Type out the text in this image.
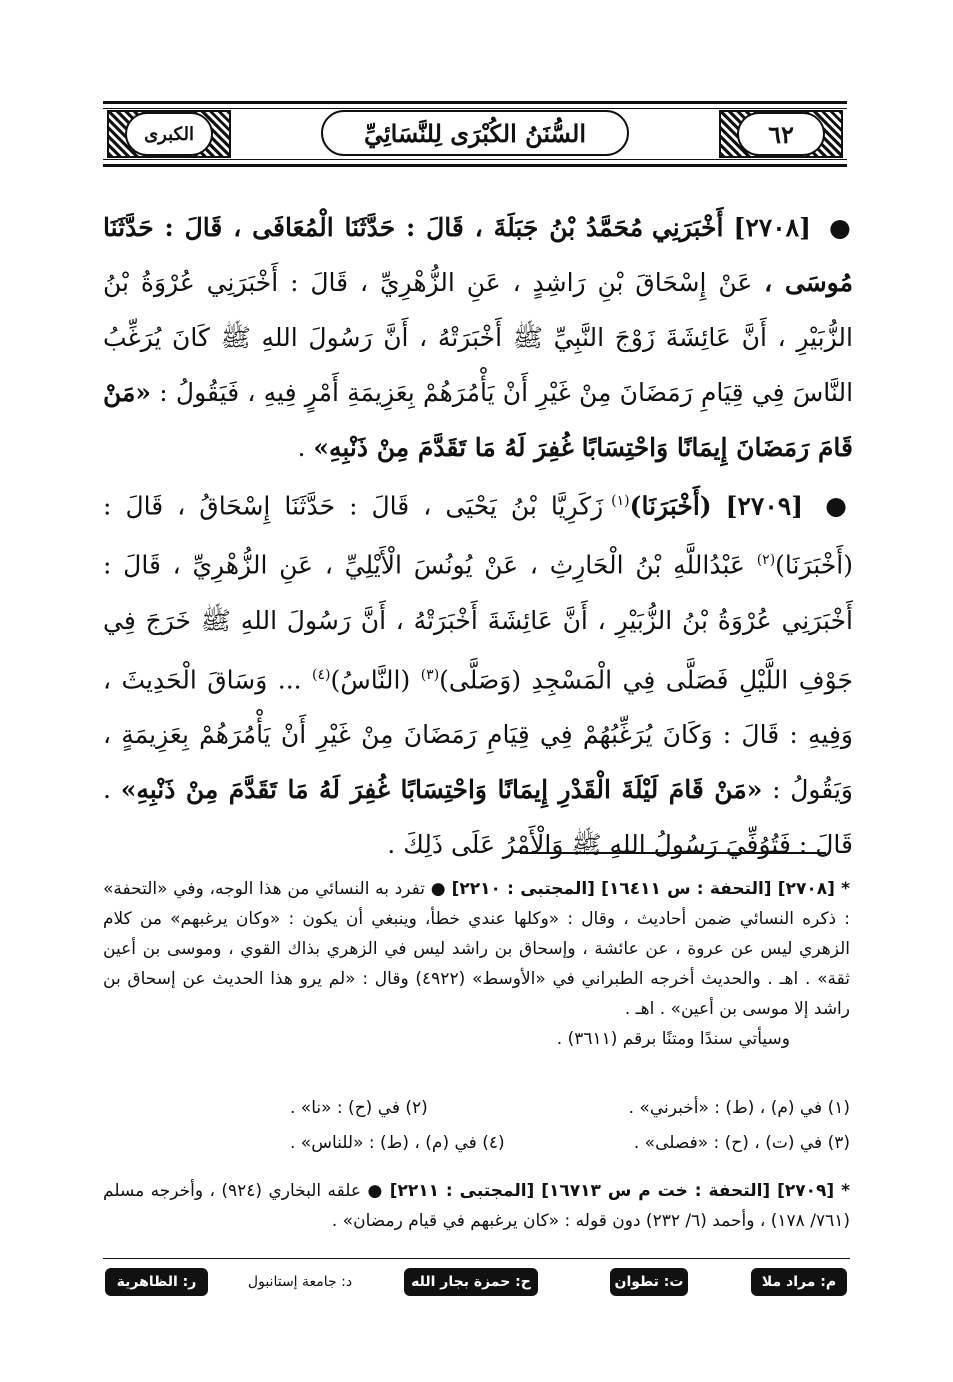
٦٢
الكبرى	السُّنَنُ الكُبْرَى لِلنَّسَائِيِّ

● [٢٧٠٨] أَخْبَرَنِي مُحَمَّدُ بْنُ جَبَلَةَ ، قَالَ : حَدَّثَنَا الْمُعَافَى ، قَالَ : حَدَّثَنَا مُوسَى ، عَنْ إِسْحَاقَ بْنِ رَاشِدٍ ، عَنِ الزُّهْرِيِّ ، قَالَ : أَخْبَرَنِي عُرْوَةُ بْنُ الزُّبَيْرِ ، أَنَّ عَائِشَةَ زَوْجَ النَّبِيِّ ﷺ أَخْبَرَتْهُ ، أَنَّ رَسُولَ اللهِ ﷺ كَانَ يُرَغِّبُ النَّاسَ فِي قِيَامِ رَمَضَانَ مِنْ غَيْرِ أَنْ يَأْمُرَهُمْ بِعَزِيمَةِ أَمْرٍ فِيهِ ، فَيَقُولُ : «مَنْ قَامَ رَمَضَانَ إِيمَانًا وَاحْتِسَابًا غُفِرَ لَهُ مَا تَقَدَّمَ مِنْ ذَنْبِهِ» .

● [٢٧٠٩] (أَخْبَرَنَا)$^{(١)}$ زَكَرِيَّا بْنُ يَحْيَى ، قَالَ : حَدَّثَنَا إِسْحَاقُ ، قَالَ : (أَخْبَرَنَا)$^{(٢)}$ عَبْدُاللَّهِ بْنُ الْحَارِثِ ، عَنْ يُونُسَ الْأَيْلِيِّ ، عَنِ الزُّهْرِيِّ ، قَالَ : أَخْبَرَنِي عُرْوَةُ بْنُ الزُّبَيْرِ ، أَنَّ عَائِشَةَ أَخْبَرَتْهُ ، أَنَّ رَسُولَ اللهِ ﷺ خَرَجَ فِي جَوْفِ اللَّيْلِ فَصَلَّى فِي الْمَسْجِدِ (وَصَلَّى)$^{(٣)}$ (النَّاسُ)$^{(٤)}$ ... وَسَاقَ الْحَدِيثَ ، وَفِيهِ : قَالَ : وَكَانَ يُرَغِّبُهُمْ فِي قِيَامِ رَمَضَانَ مِنْ غَيْرِ أَنْ يَأْمُرَهُمْ بِعَزِيمَةٍ ، وَيَقُولُ : «مَنْ قَامَ لَيْلَةَ الْقَدْرِ إِيمَانًا وَاحْتِسَابًا غُفِرَ لَهُ مَا تَقَدَّمَ مِنْ ذَنْبِهِ» . قَالَ : فَتُوُفِّيَ رَسُولُ اللهِ ﷺ وَالْأَمْرُ عَلَى ذَلِكَ .

* [٢٧٠٨] [التحفة : س ١٦٤١١] [المجتبى : ٢٢١٠] ● تفرد به النسائي من هذا الوجه، وفي «التحفة» : ذكره النسائي ضمن أحاديث ، وقال : «وكلها عندي خطأ، وينبغي أن يكون : «وكان يرغبهم» من كلام الزهري ليس عن عروة ، عن عائشة ، وإسحاق بن راشد ليس في الزهري بذاك القوي ، وموسى بن أعين ثقة» . اهـ . والحديث أخرجه الطبراني في «الأوسط» (٤٩٢٢) وقال : «لم يرو هذا الحديث عن إسحاق بن راشد إلا موسى بن أعين» . اهـ .

وسيأتي سندًا ومتنًا برقم (٣٦١١) .

(١) في (م) ، (ط) : «أخبرني» .
(٢) في (ح) : «نا» .
(٣) في (ت) ، (ح) : «فصلى» .
(٤) في (م) ، (ط) : «للناس» .

* [٢٧٠٩] [التحفة : خت م س ١٦٧١٣] [المجتبى : ٢٢١١] ● علقه البخاري (٩٢٤) ، وأخرجه مسلم (٧٦١/ ١٧٨) ، وأحمد (٦/ ٢٣٢) دون قوله : «كان يرغبهم في قيام رمضان» .

م: مراد ملا
ت: تطوان
ح: حمزة بجار الله
د: جامعة إستانبول
ر: الظاهرية
